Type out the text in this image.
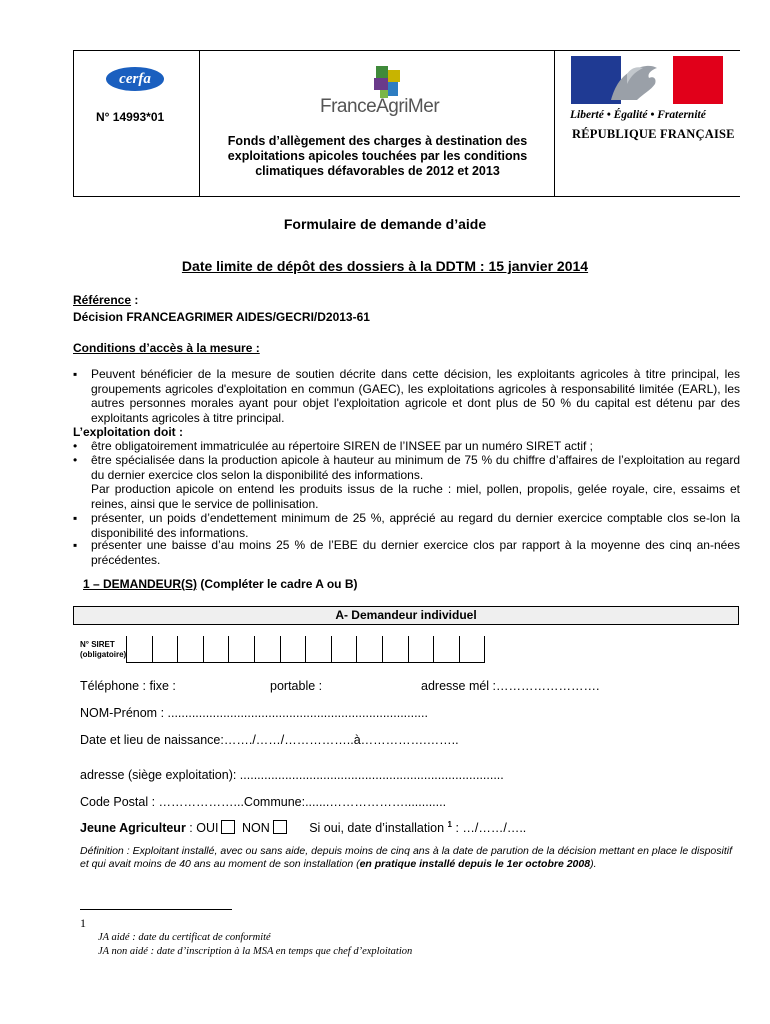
cerfa
N° 14993*01	FranceAgriMer
Fonds d’allègement des charges à destination des exploitations apicoles touchées par les conditions climatiques défavorables de 2012 et 2013
Liberté • Égalité • Fraternité
RÉPUBLIQUE FRANÇAISE
Formulaire de demande d’aide
Date limite de dépôt des dossiers à la DDTM : 15 janvier 2014
Référence :
Décision FRANCEAGRIMER AIDES/GECRI/D2013-61
Conditions d’accès à la mesure :
▪ Peuvent bénéficier de la mesure de soutien décrite dans cette décision, les exploitants agricoles à titre principal, les groupements agricoles d'exploitation en commun (GAEC), les exploitations agricoles à responsabilité limitée (EARL), les autres personnes morales ayant pour objet l'exploitation agricole et dont plus de 50 % du capital est détenu par des exploitants agricoles à titre principal.
L’exploitation doit :
• être obligatoirement immatriculée au répertoire SIREN de l’INSEE par un numéro SIRET actif ;
• être spécialisée dans la production apicole à hauteur au minimum de 75 % du chiffre d’affaires de l’exploitation au regard du dernier exercice clos selon la disponibilité des informations.
Par production apicole on entend les produits issus de la ruche : miel, pollen, propolis, gelée royale, cire, essaims et reines, ainsi que le service de pollinisation.
▪ présenter, un poids d’endettement minimum de 25 %, apprécié au regard du dernier exercice comptable clos se-lon la disponibilité des informations.
▪ présenter une baisse d’au moins 25 % de l’EBE du dernier exercice clos par rapport à la moyenne des cinq an-nées précédentes.
1 – DEMANDEUR(S) (Compléter le cadre A ou B)
A- Demandeur individuel
N° SIRET
(obligatoire)
Téléphone : fixe :	portable :	adresse mél :…………………….
NOM-Prénom : ...........................................................................
Date et lieu de naissance:……./……/……………..à…………….……..
adresse (siège exploitation): ............................................................................
Code Postal : ………………...Commune:.......………………............
Jeune Agriculteur : OUI NON	Si oui, date d’installation $^1$ : …/……/…..
Définition : Exploitant installé, avec ou sans aide, depuis moins de cinq ans à la date de parution de la décision mettant en place le dispositif et qui avait moins de 40 ans au moment de son installation (en pratique installé depuis le 1er octobre 2008).
1
JA aidé : date du certificat de conformité
JA non aidé : date d’inscription à la MSA en temps que chef d’exploitation
